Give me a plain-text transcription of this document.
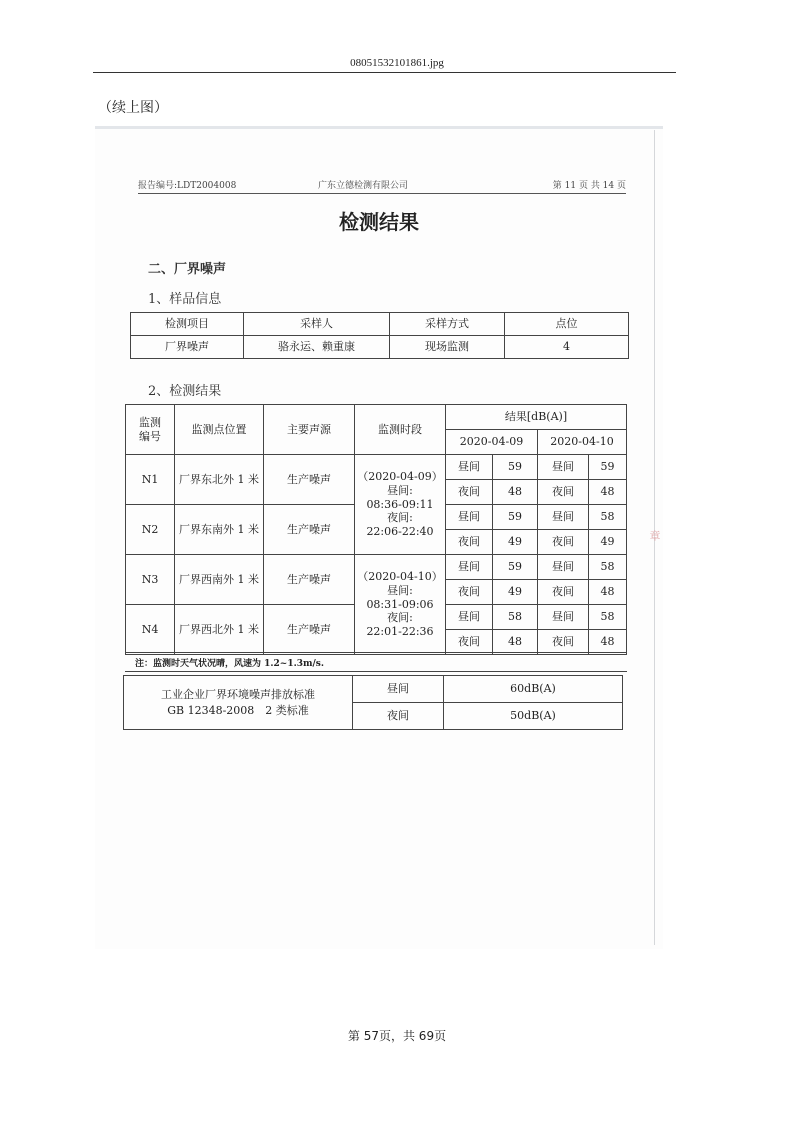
08051532101861.jpg
（续上图）
报告编号:LDT2004008	广东立德检测有限公司	第 11 页 共 14 页
检测结果
二、厂界噪声
1、样品信息
检测项目	采样人	采样方式	点位
厂界噪声	骆永运、赖重康	现场监测	4
2、检测结果
监测
编号	监测点位置	主要声源	监测时段	结果[dB(A)]			
				2020-04-09		2020-04-10	
N1	厂界东北外 1 米	生产噪声	（2020-04-09）
昼间:
08:36-09:11
夜间:
22:06-22:40	昼间	59	昼间	59
				夜间	48	夜间	48
N2	厂界东南外 1 米	生产噪声		昼间	59	昼间	58
				夜间	49	夜间	49
N3	厂界西南外 1 米	生产噪声	（2020-04-10）
昼间:
08:31-09:06
夜间:
22:01-22:36	昼间	59	昼间	58
				夜间	49	夜间	48
N4	厂界西北外 1 米	生产噪声		昼间	58	昼间	58
				夜间	48	夜间	48
注：监测时天气状况晴，风速为 1.2~1.3m/s.
工业企业厂界环境噪声排放标准
GB 12348-2008　2 类标准	昼间	60dB(A)
	夜间	50dB(A)
章
第 57页，共 69页
